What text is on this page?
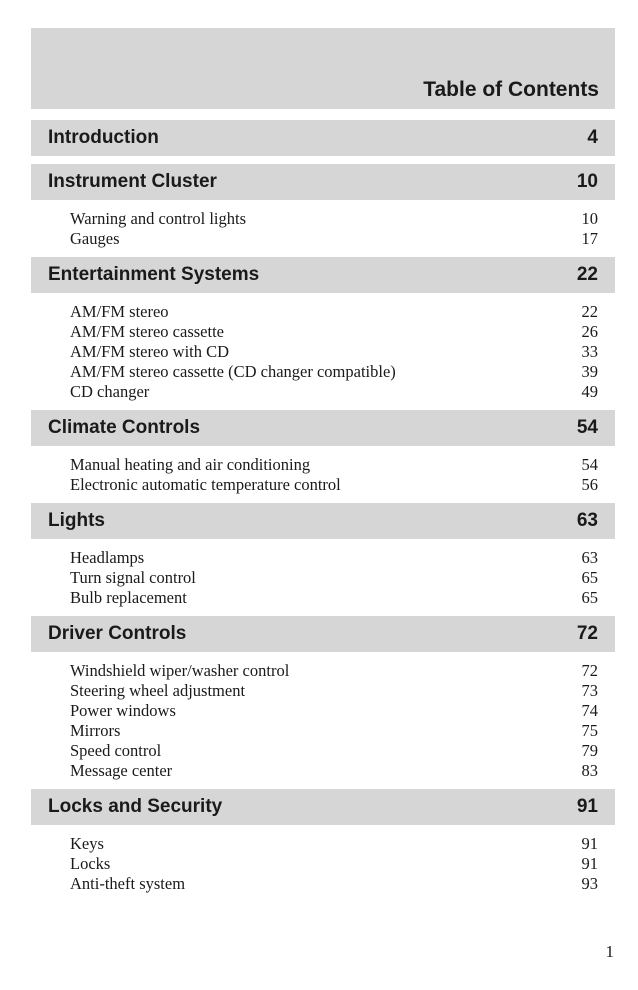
Table of Contents
Introduction	4
Instrument Cluster	10
Warning and control lights	10
Gauges	17
Entertainment Systems	22
AM/FM stereo	22
AM/FM stereo cassette	26
AM/FM stereo with CD	33
AM/FM stereo cassette (CD changer compatible)	39
CD changer	49
Climate Controls	54
Manual heating and air conditioning	54
Electronic automatic temperature control	56
Lights	63
Headlamps	63
Turn signal control	65
Bulb replacement	65
Driver Controls	72
Windshield wiper/washer control	72
Steering wheel adjustment	73
Power windows	74
Mirrors	75
Speed control	79
Message center	83
Locks and Security	91
Keys	91
Locks	91
Anti-theft system	93
1
